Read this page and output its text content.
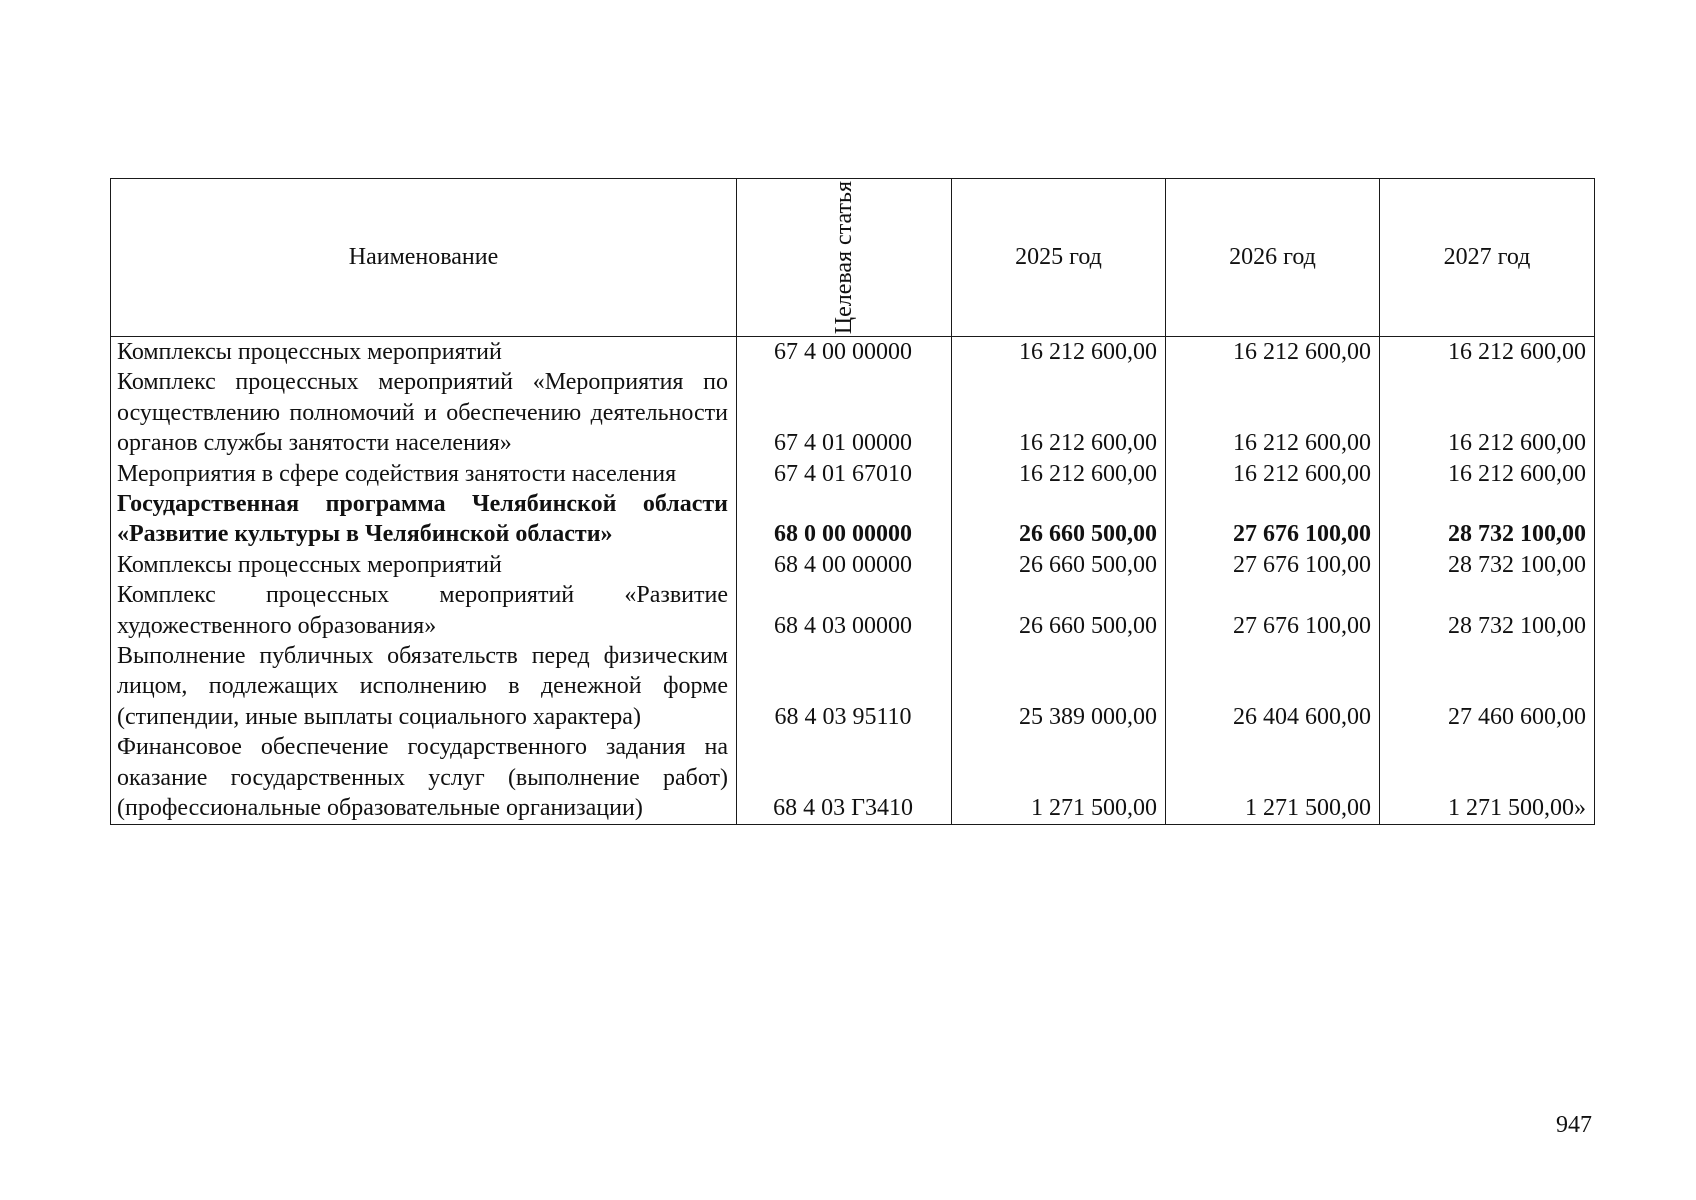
Наименование	Целевая статья	2025 год	2026 год	2027 год
Комплексы процессных мероприятий	67 4 00 00000	16 212 600,00	16 212 600,00	16 212 600,00
Комплекс процессных мероприятий «Мероприятия по осуществлению полномочий и обеспечению деятельности органов службы занятости населения»	67 4 01 00000	16 212 600,00	16 212 600,00	16 212 600,00
Мероприятия в сфере содействия занятости населения	67 4 01 67010	16 212 600,00	16 212 600,00	16 212 600,00
Государственная программа Челябинской области «Развитие культуры в Челябинской области»	68 0 00 00000	26 660 500,00	27 676 100,00	28 732 100,00
Комплексы процессных мероприятий	68 4 00 00000	26 660 500,00	27 676 100,00	28 732 100,00
Комплекс процессных мероприятий «Развитие художественного образования»	68 4 03 00000	26 660 500,00	27 676 100,00	28 732 100,00
Выполнение публичных обязательств перед физическим лицом, подлежащих исполнению в денежной форме (стипендии, иные выплаты социального характера)	68 4 03 95110	25 389 000,00	26 404 600,00	27 460 600,00
Финансовое обеспечение государственного задания на оказание государственных услуг (выполнение работ) (профессиональные образовательные организации)	68 4 03 Г3410	1 271 500,00	1 271 500,00	1 271 500,00»
947
